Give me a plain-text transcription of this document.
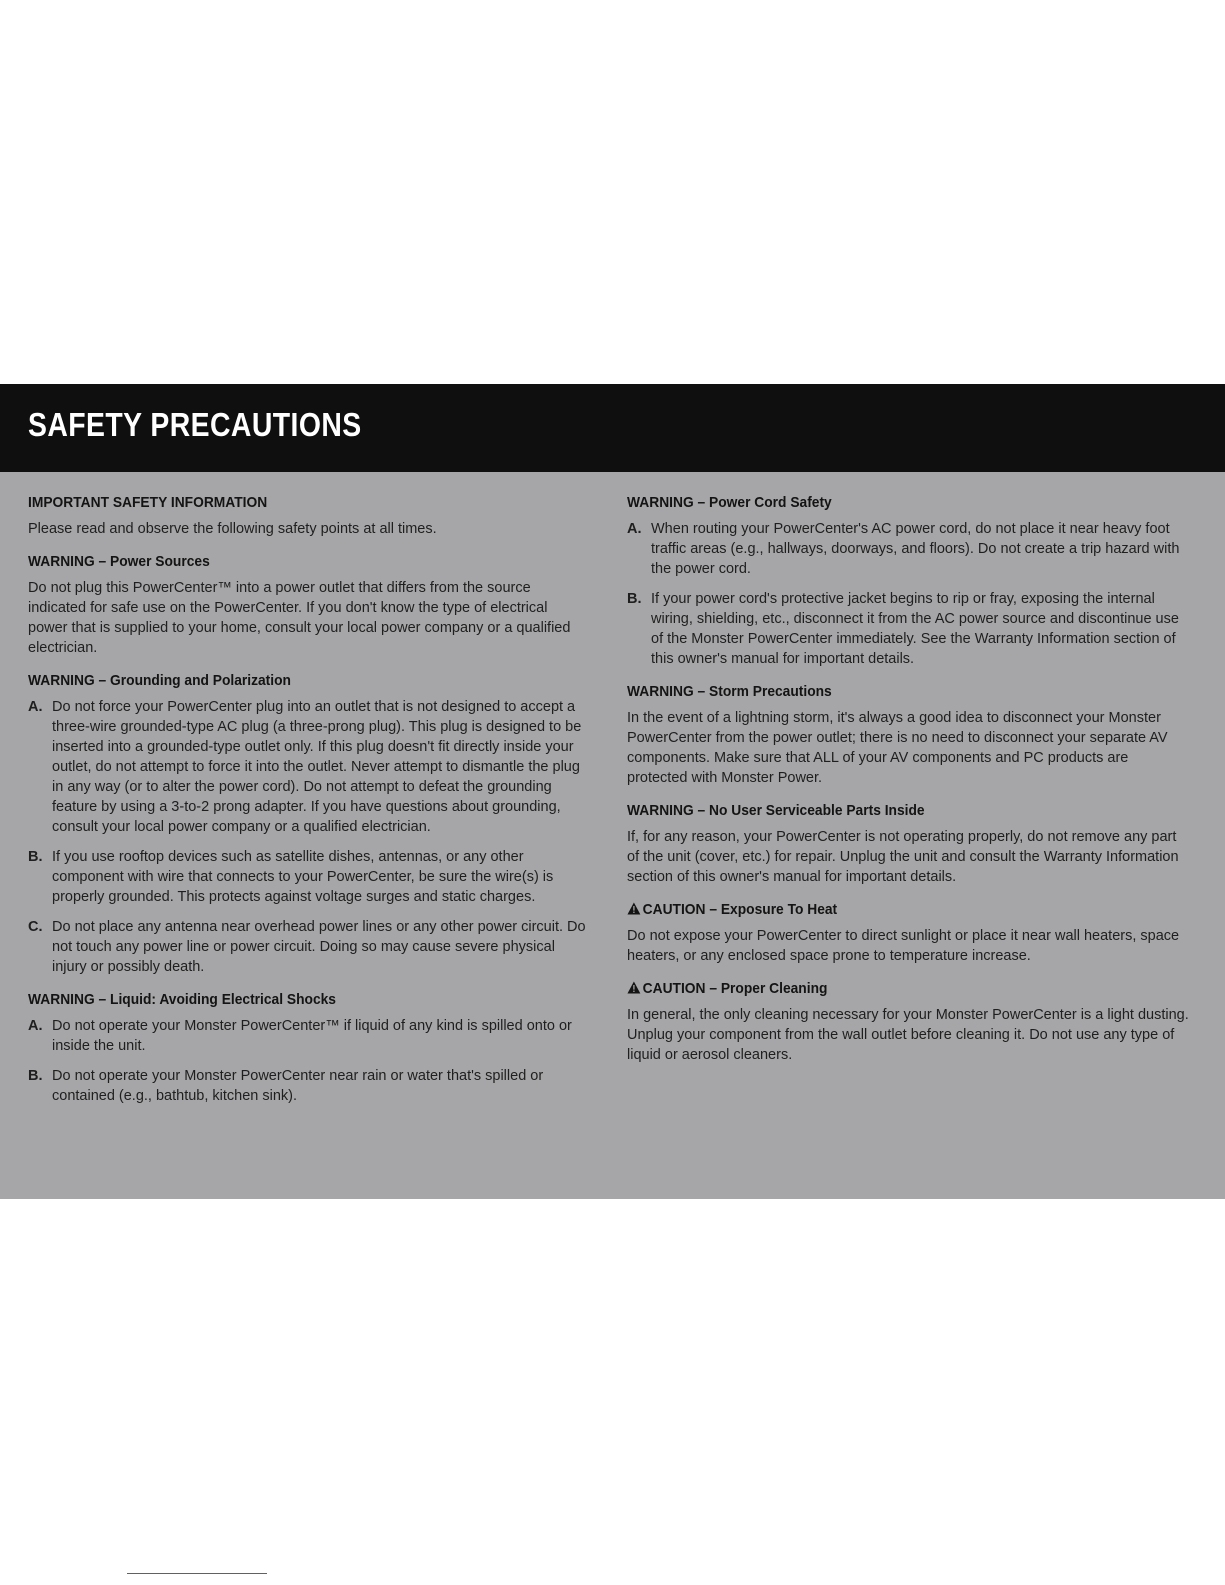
SAFETY PRECAUTIONS
IMPORTANT SAFETY INFORMATION

Please read and observe the following safety points at all times.

WARNING – Power Sources

Do not plug this PowerCenter™ into a power outlet that differs from the source indicated for safe use on the PowerCenter. If you don't know the type of electrical power that is supplied to your home, consult your local power company or a qualified electrician.

WARNING – Grounding and Polarization
A. Do not force your PowerCenter plug into an outlet that is not designed to accept a three-wire grounded-type AC plug (a three-prong plug). This plug is designed to be inserted into a grounded-type outlet only. If this plug doesn't fit directly inside your outlet, do not attempt to force it into the outlet. Never attempt to dismantle the plug in any way (or to alter the power cord). Do not attempt to defeat the grounding feature by using a 3-to-2 prong adapter. If you have questions about grounding, consult your local power company or a qualified electrician.
B. If you use rooftop devices such as satellite dishes, antennas, or any other component with wire that connects to your PowerCenter, be sure the wire(s) is properly grounded. This protects against voltage surges and static charges.
C. Do not place any antenna near overhead power lines or any other power circuit. Do not touch any power line or power circuit. Doing so may cause severe physical injury or possibly death.
WARNING – Liquid: Avoiding Electrical Shocks
A. Do not operate your Monster PowerCenter™ if liquid of any kind is spilled onto or inside the unit.
B. Do not operate your Monster PowerCenter near rain or water that's spilled or contained (e.g., bathtub, kitchen sink).
WARNING – Power Cord Safety
A. When routing your PowerCenter's AC power cord, do not place it near heavy foot traffic areas (e.g., hallways, doorways, and floors). Do not create a trip hazard with the power cord.
B. If your power cord's protective jacket begins to rip or fray, exposing the internal wiring, shielding, etc., disconnect it from the AC power source and discontinue use of the Monster PowerCenter immediately. See the Warranty Information section of this owner's manual for important details.
WARNING – Storm Precautions

In the event of a lightning storm, it's always a good idea to disconnect your Monster PowerCenter from the power outlet; there is no need to disconnect your separate AV components. Make sure that ALL of your AV components and PC products are protected with Monster Power.

WARNING – No User Serviceable Parts Inside

If, for any reason, your PowerCenter is not operating properly, do not remove any part of the unit (cover, etc.) for repair. Unplug the unit and consult the Warranty Information section of this owner's manual for important details.

CAUTION – Exposure To Heat

Do not expose your PowerCenter to direct sunlight or place it near wall heaters, space heaters, or any enclosed space prone to temperature increase.

CAUTION – Proper Cleaning

In general, the only cleaning necessary for your Monster PowerCenter is a light dusting. Unplug your component from the wall outlet before cleaning it. Do not use any type of liquid or aerosol cleaners.
